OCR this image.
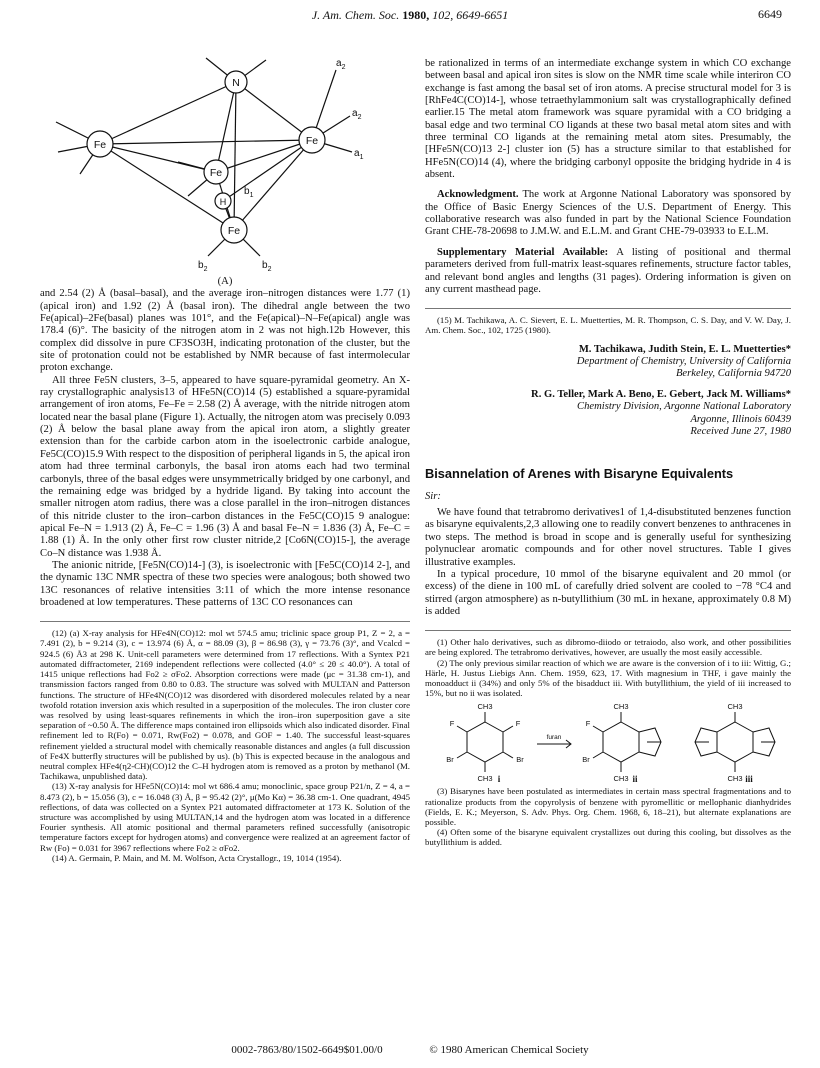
J. Am. Chem. Soc. 1980, 102, 6649-6651	6649
N
Fe	Fe
Fe
H
Fe
$a_2$
$a_2$
$a_1$
$b_1$
$b_2$	$b_2$
(A)

and 2.54 (2) Å (basal–basal), and the average iron–nitrogen distances were 1.77 (1) (apical iron) and 1.92 (2) Å (basal iron). The dihedral angle between the two Fe(apical)–2Fe(basal) planes was 101°, and the Fe(apical)–N–Fe(apical) angle was 178.4 (6)°. The basicity of the nitrogen atom in 2 was not high.12b However, this complex did dissolve in pure CF3SO3H, indicating protonation of the cluster, but the site of protonation could not be established by NMR because of fast intermolecular proton exchange.

All three Fe5N clusters, 3–5, appeared to have square-pyramidal geometry. An X-ray crystallographic analysis13 of HFe5N(CO)14 (5) established a square-pyramidal arrangement of iron atoms, Fe–Fe = 2.58 (2) Å average, with the nitride nitrogen atom located near the basal plane (Figure 1). Actually, the nitrogen atom was precisely 0.093 (2) Å below the basal plane away from the apical iron atom, a slightly greater extension than for the carbide carbon atom in the isoelectronic carbide analogue, Fe5C(CO)15.9 With respect to the disposition of peripheral ligands in 5, the apical iron atom had three terminal carbonyls, the basal iron atoms each had two terminal carbonyls, three of the basal edges were unsymmetrically bridged by one carbonyl, and the remaining edge was bridged by a hydride ligand. By taking into account the smaller nitrogen atom radius, there was a close parallel in the iron–nitrogen distances of this nitride cluster to the iron–carbon distances in the Fe5C(CO)15 9 analogue: apical Fe–N = 1.913 (2) Å, Fe–C = 1.96 (3) Å and basal Fe–N = 1.836 (3) Å, Fe–C = 1.88 (1) Å. In the only other first row cluster nitride,2 [Co6N(CO)15-], the average Co–N distance was 1.938 Å.

The anionic nitride, [Fe5N(CO)14-] (3), is isoelectronic with [Fe5C(CO)14 2-], and the dynamic 13C NMR spectra of these two species were analogous; both showed two 13C resonances of relative intensities 3:11 of which the more intense resonance broadened at low temperatures. These patterns of 13C CO resonances can

(12) (a) X-ray analysis for HFe4N(CO)12: mol wt 574.5 amu; triclinic space group P1, Z = 2, a = 7.491 (2), b = 9.214 (3), c = 13.974 (6) Å, α = 88.09 (3), β = 86.98 (3), γ = 73.76 (3)°, and Vcalcd = 924.5 (6) Å3 at 298 K. Unit-cell parameters were determined from 17 reflections. With a Syntex P21 automated diffractometer, 2169 independent reflections were collected (4.0° ≤ 2θ ≤ 40.0°). A total of 1415 unique reflections had Fo2 ≥ σFo2. Absorption corrections were made (μc = 31.38 cm-1), and transmission factors ranged from 0.80 to 0.83. The structure was solved with MULTAN and Patterson functions. The structure of HFe4N(CO)12 was disordered with disordered molecules related by a near twofold rotation inversion axis which resulted in a superposition of the molecules. The iron cluster core was resolved by using least-squares refinements in which the iron–iron superposition gave a site separation of ~0.50 Å. The difference maps contained iron ellipsoids which also indicated disorder. Final refinement led to R(Fo) = 0.071, Rw(Fo2) = 0.078, and GOF = 1.40. The successful least-squares refinement yielded a structural model with chemically reasonable distances and angles (a full discussion of Fe4X butterfly structures will be published by us). (b) This is expected because in the analogous and neutral complex HFe4(η2-CH)(CO)12 the C–H hydrogen atom is removed as a proton by methanol (M. Tachikawa, unpublished data).

(13) X-ray analysis for HFe5N(CO)14: mol wt 686.4 amu; monoclinic, space group P21/n, Z = 4, a = 8.473 (2), b = 15.056 (3), c = 16.048 (3) Å, β = 95.42 (2)°, μ(Mo Kα) = 36.38 cm-1. One quadrant, 4945 reflections, of data was collected on a Syntex P21 automated diffractometer at 173 K. Solution of the structure was accomplished by using MULTAN,14 and the hydrogen atom was located in a difference Fourier synthesis. All atomic positional and thermal parameters refined successfully (anisotropic temperature factors except for hydrogen atoms) and convergence were realized at an agreement factor of Rw (Fo) = 0.031 for 3967 reflections where Fo2 ≥ σFo2.

(14) A. Germain, P. Main, and M. M. Wolfson, Acta Crystallogr., 19, 1014 (1954).

be rationalized in terms of an intermediate exchange system in which CO exchange between basal and apical iron sites is slow on the NMR time scale while interiron CO exchange is fast among the basal set of iron atoms. A precise structural model for 3 is [RhFe4C(CO)14-], whose tetraethylammonium salt was crystallographically defined earlier.15 The metal atom framework was square pyramidal with a CO bridging a basal edge and two terminal CO ligands at these two basal metal atom sites and with three terminal CO ligands at the remaining metal atom sites. Presumably, the [HFe5N(CO)13 2-] cluster ion (5) has a structure similar to that established for HFe5N(CO)14 (4), where the bridging carbonyl opposite the bridging hydride in 4 is absent.

Acknowledgment. The work at Argonne National Laboratory was sponsored by the Office of Basic Energy Sciences of the U.S. Department of Energy. This collaborative research was also funded in part by the National Science Foundation Grant CHE-78-20698 to J.M.W. and E.L.M. and Grant CHE-79-03933 to E.L.M.

Supplementary Material Available: A listing of positional and thermal parameters derived from full-matrix least-squares refinements, structure factor tables, and relevant bond angles and lengths (31 pages). Ordering information is given on any current masthead page.

(15) M. Tachikawa, A. C. Sievert, E. L. Muetterties, M. R. Thompson, C. S. Day, and V. W. Day, J. Am. Chem. Soc., 102, 1725 (1980).

M. Tachikawa, Judith Stein, E. L. Muetterties*
Department of Chemistry, University of California
Berkeley, California 94720
R. G. Teller, Mark A. Beno, E. Gebert, Jack M. Williams*
Chemistry Division, Argonne National Laboratory
Argonne, Illinois 60439
Received June 27, 1980
Bisannelation of Arenes with Bisaryne Equivalents

Sir:

We have found that tetrabromo derivatives1 of 1,4-disubstituted benzenes function as bisaryne equivalents,2,3 allowing one to readily convert benzenes to anthracenes in two steps. The method is broad in scope and is generally useful for synthesizing polynuclear aromatic compounds and for other novel structures. Table I gives illustrative examples.

In a typical procedure, 10 mmol of the bisaryne equivalent and 20 mmol (or excess) of the diene in 100 mL of carefully dried solvent are cooled to −78 °C4 and stirred (argon atmosphere) as n-butyllithium (30 mL in hexane, approximately 0.8 M) is added

(1) Other halo derivatives, such as dibromo-diiodo or tetraiodo, also work, and other possibilities are being explored. The tetrabromo derivatives, however, are usually the most easily accessible.

(2) The only previous similar reaction of which we are aware is the conversion of i to iii: Wittig, G.; Härle, H. Justus Liebigs Ann. Chem. 1959, 623, 17. With magnesium in THF, i gave mainly the monoadduct ii (34%) and only 5% of the bisadduct iii. With butyllithium, the yield of iii increased to 15%, but no ii was isolated.

CH3
CH3
F	F
Br	Br
furan
CH3
CH3
F
Br
CH3
CH3
i	ii	iii

(3) Bisarynes have been postulated as intermediates in certain mass spectral fragmentations and to rationalize products from the copyrolysis of benzene with pyromellitic or mellophanic dianhydrides (Fields, E. K.; Meyerson, S. Adv. Phys. Org. Chem. 1968, 6, 18–21), but alternate explanations are possible.

(4) Often some of the bisaryne equivalent crystallizes out during this cooling, but dissolves as the butyllithium is added.

0002-7863/80/1502-6649$01.00/0	© 1980 American Chemical Society
